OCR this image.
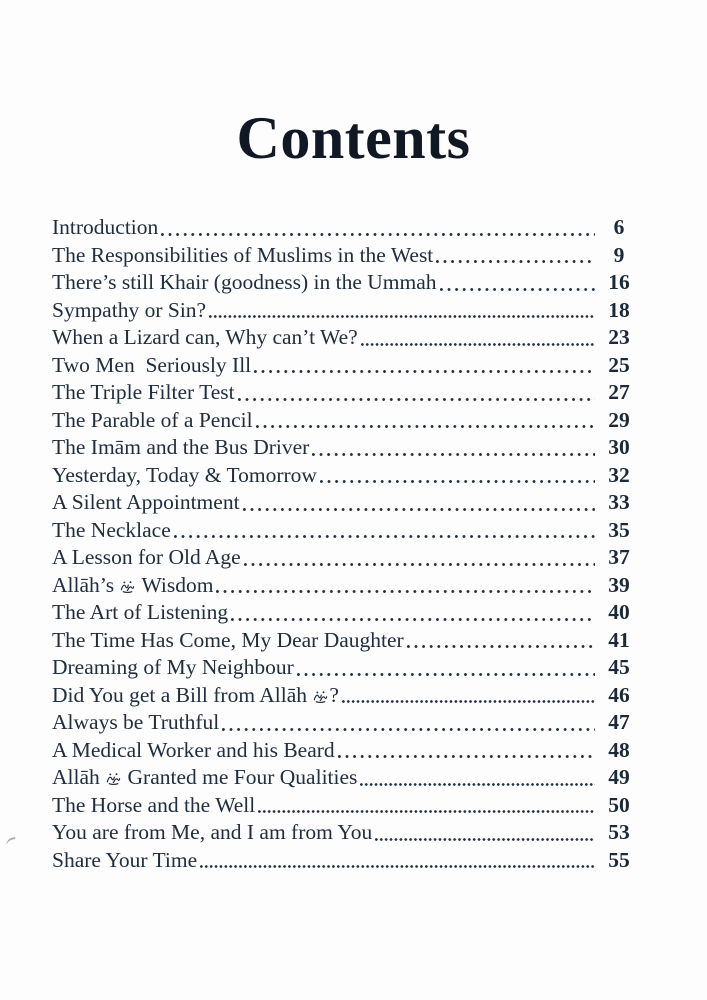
Contents
Introduction	6
The Responsibilities of Muslims in the West	9
There’s still Khair (goodness) in the Ummah	16
Sympathy or Sin?	18
When a Lizard can, Why can’t We?	23
Two Men  Seriously Ill	25
The Triple Filter Test	27
The Parable of a Pencil	29
The Imām and the Bus Driver	30
Yesterday, Today & Tomorrow	32
A Silent Appointment	33
The Necklace	35
A Lesson for Old Age	37
Allāh’s  Wisdom	39
The Art of Listening	40
The Time Has Come, My Dear Daughter	41
Dreaming of My Neighbour	45
Did You get a Bill from Allāh ?	46
Always be Truthful	47
A Medical Worker and his Beard	48
Allāh  Granted me Four Qualities	49
The Horse and the Well	50
You are from Me, and I am from You	53
Share Your Time	55
